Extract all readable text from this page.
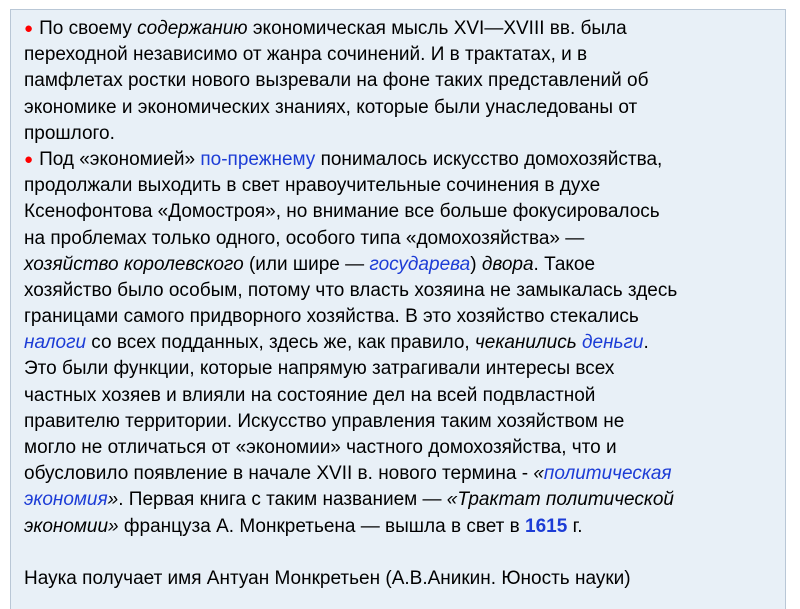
● По своему содержанию экономическая мысль XVI—XVIII вв. была
переходной независимо от жанра сочинений. И в трактатах, и в
памфлетах ростки нового вызревали на фоне таких представлений об
экономике и экономических знаниях, которые были унаследованы от
прошлого.
● Под «экономией» по-прежнему понималось искусство домохозяйства,
продолжали выходить в свет нравоучительные сочинения в духе
Ксенофонтова «Домостроя», но внимание все больше фокусировалось
на проблемах только одного, особого типа «домохозяйства» —
хозяйство королевского (или шире — государева) двора. Такое
хозяйство было особым, потому что власть хозяина не замыкалась здесь
границами самого придворного хозяйства. В это хозяйство стекались
налоги со всех подданных, здесь же, как правило, чеканились деньги.
Это были функции, которые напрямую затрагивали интересы всех
частных хозяев и влияли на состояние дел на всей подвластной
правителю территории. Искусство управления таким хозяйством не
могло не отличаться от «экономии» частного домохозяйства, что и
обусловило появление в начале XVII в. нового термина - «политическая
экономия». Первая книга с таким названием — «Трактат политической
экономии» француза А. Монкретьена — вышла в свет в 1615 г.
Наука получает имя Антуан Монкретьен (А.В.Аникин. Юность науки)
